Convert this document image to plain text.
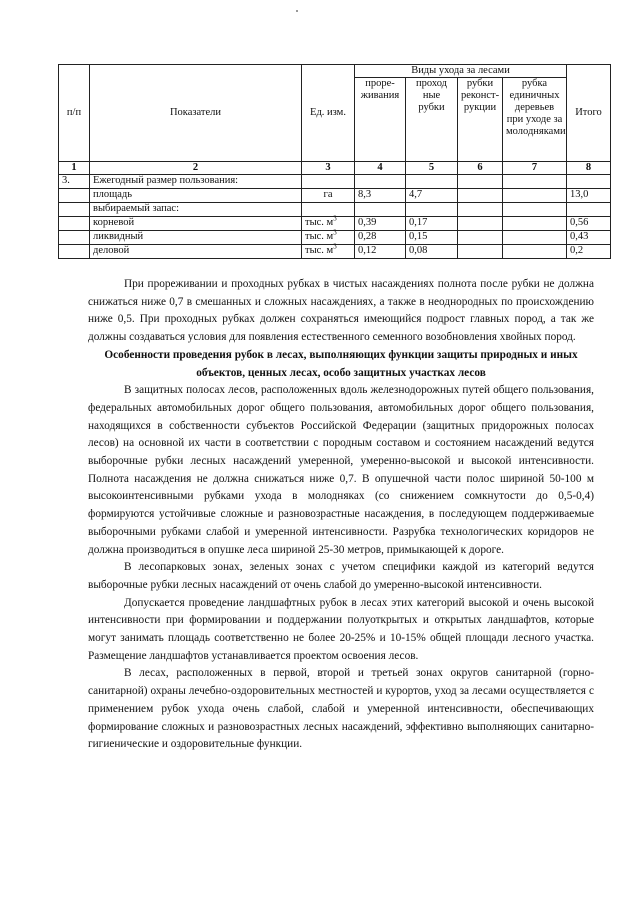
п/п	Показатели	Ед. изм.	Виды ухода за лесами				Итого
			проре-живания	проход ные рубки	рубки реконст-рукции	рубка единичных деревьев при уходе за молодняками	
1	2	3	4	5	6	7	8
3.	Ежегодный размер пользования:						
	площадь	га	8,3	4,7			13,0
	выбираемый запас:						
	корневой	тыс. $м^3$	0,39	0,17			0,56
	ликвидный	тыс. $м^3$	0,28	0,15			0,43
	деловой	тыс. $м^3$	0,12	0,08			0,2

При прореживании и проходных рубках в чистых насаждениях полнота после рубки не должна снижаться ниже 0,7 в смешанных и сложных насаждениях, а также в неоднородных по происхождению ниже 0,5. При проходных рубках должен сохраняться имеющийся подрост главных пород, а так же должны создаваться условия для появления естественного семенного возобновления хвойных пород.

Особенности проведения рубок в лесах, выполняющих функции защиты природных и иных объектов, ценных лесах, особо защитных участках лесов

В защитных полосах лесов, расположенных вдоль железнодорожных путей общего пользования, федеральных автомобильных дорог общего пользования, автомобильных дорог общего пользования, находящихся в собственности субъектов Российской Федерации (защитных придорожных полосах лесов) на основной их части в соответствии с породным составом и состоянием насаждений ведутся выборочные рубки лесных насаждений умеренной, умеренно-высокой и высокой интенсивности. Полнота насаждения не должна снижаться ниже 0,7. В опушечной части полос шириной 50-100 м высокоинтенсивными рубками ухода в молодняках (со снижением сомкнутости до 0,5-0,4) формируются устойчивые сложные и разновозрастные насаждения, в последующем поддерживаемые выборочными рубками слабой и умеренной интенсивности. Разрубка технологических коридоров не должна производиться в опушке леса шириной 25-30 метров, примыкающей к дороге.

В лесопарковых зонах, зеленых зонах с учетом специфики каждой из категорий ведутся выборочные рубки лесных насаждений от очень слабой до умеренно-высокой интенсивности.

Допускается проведение ландшафтных рубок в лесах этих категорий высокой и очень высокой интенсивности при формировании и поддержании полуоткрытых и открытых ландшафтов, которые могут занимать площадь соответственно не более 20-25% и 10-15% общей площади лесного участка. Размещение ландшафтов устанавливается проектом освоения лесов.

В лесах, расположенных в первой, второй и третьей зонах округов санитарной (горно-санитарной) охраны лечебно-оздоровительных местностей и курортов, уход за лесами осуществляется с применением рубок ухода очень слабой, слабой и умеренной интенсивности, обеспечивающих формирование сложных и разновозрастных лесных насаждений, эффективно выполняющих санитарно-гигиенические и оздоровительные функции.
